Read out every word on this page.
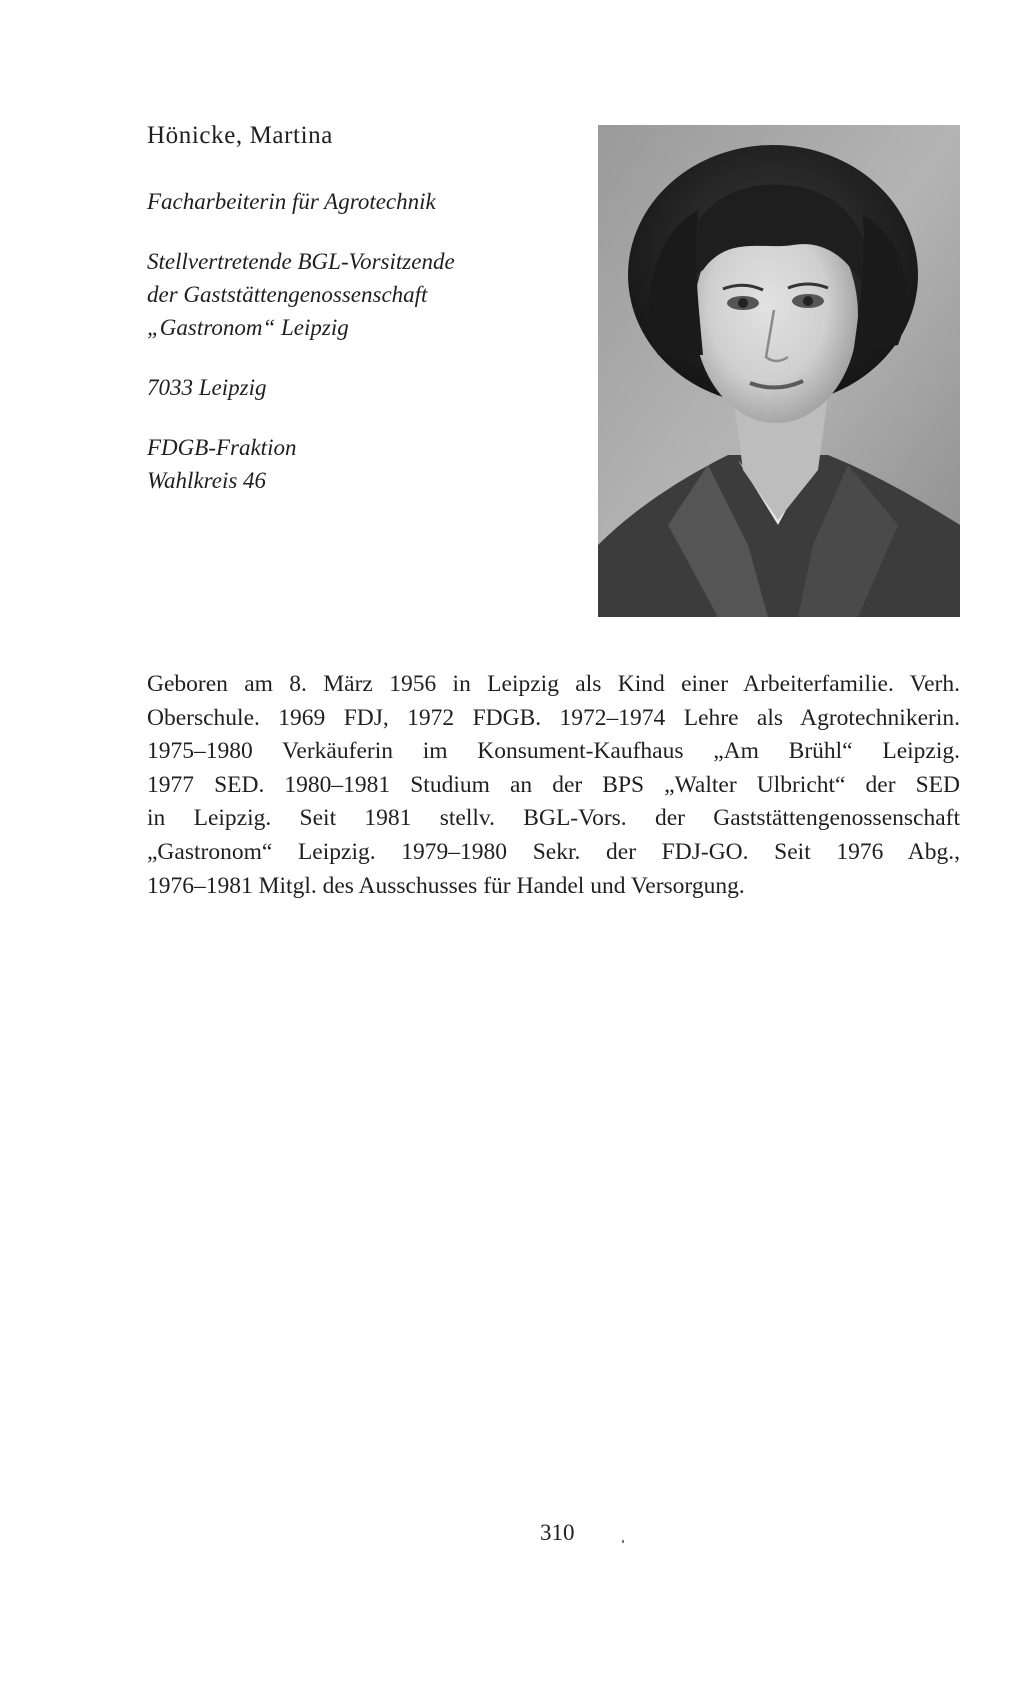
Hönicke, Martina
Facharbeiterin für Agrotechnik
Stellvertretende BGL-Vorsitzende
der Gaststättengenossenschaft
„Gastronom“ Leipzig
7033 Leipzig
FDGB-Fraktion
Wahlkreis 46
Geboren am 8. März 1956 in Leipzig als Kind einer Arbeiterfamilie. Verh.
Oberschule. 1969 FDJ, 1972 FDGB. 1972–1974 Lehre als Agrotechnikerin.
1975–1980 Verkäuferin im Konsument-Kaufhaus „Am Brühl“ Leipzig.
1977 SED. 1980–1981 Studium an der BPS „Walter Ulbricht“ der SED
in Leipzig. Seit 1981 stellv. BGL-Vors. der Gaststättengenossenschaft
„Gastronom“ Leipzig. 1979–1980 Sekr. der FDJ-GO. Seit 1976 Abg.,
1976–1981 Mitgl. des Ausschusses für Handel und Versorgung.
310
